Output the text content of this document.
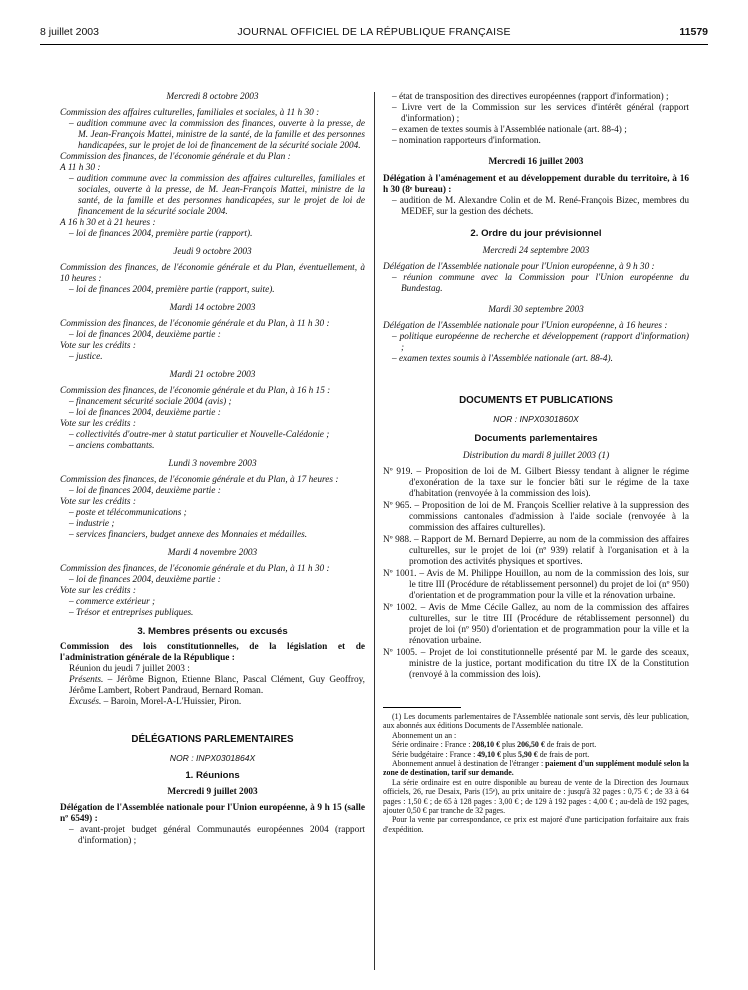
8 juillet 2003	JOURNAL OFFICIEL DE LA RÉPUBLIQUE FRANÇAISE	11579

Mercredi 8 octobre 2003

Commission des affaires culturelles, familiales et sociales, à 11 h 30 :

– audition commune avec la commission des finances, ouverte à la presse, de M. Jean-François Mattei, ministre de la santé, de la famille et des personnes handicapées, sur le projet de loi de financement de la sécurité sociale 2004.

Commission des finances, de l'économie générale et du Plan :

A 11 h 30 :

– audition commune avec la commission des affaires culturelles, familiales et sociales, ouverte à la presse, de M. Jean-François Mattei, ministre de la santé, de la famille et des personnes handicapées, sur le projet de loi de financement de la sécurité sociale 2004.

A 16 h 30 et à 21 heures :

– loi de finances 2004, première partie (rapport).

Jeudi 9 octobre 2003

Commission des finances, de l'économie générale et du Plan, éventuellement, à 10 heures :

– loi de finances 2004, première partie (rapport, suite).

Mardi 14 octobre 2003

Commission des finances, de l'économie générale et du Plan, à 11 h 30 :

– loi de finances 2004, deuxième partie :

Vote sur les crédits :

– justice.

Mardi 21 octobre 2003

Commission des finances, de l'économie générale et du Plan, à 16 h 15 :

– financement sécurité sociale 2004 (avis) ;

– loi de finances 2004, deuxième partie :

Vote sur les crédits :

– collectivités d'outre-mer à statut particulier et Nouvelle-Calédonie ;

– anciens combattants.

Lundi 3 novembre 2003

Commission des finances, de l'économie générale et du Plan, à 17 heures :

– loi de finances 2004, deuxième partie :

Vote sur les crédits :

– poste et télécommunications ;

– industrie ;

– services financiers, budget annexe des Monnaies et médailles.

Mardi 4 novembre 2003

Commission des finances, de l'économie générale et du Plan, à 11 h 30 :

– loi de finances 2004, deuxième partie :

Vote sur les crédits :

– commerce extérieur ;

– Trésor et entreprises publiques.

3. Membres présents ou excusés

Commission des lois constitutionnelles, de la législation et de l'administration générale de la République :

Réunion du jeudi 7 juillet 2003 :

Présents. – Jérôme Bignon, Etienne Blanc, Pascal Clément, Guy Geoffroy, Jérôme Lambert, Robert Pandraud, Bernard Roman.

Excusés. – Baroin, Morel-A-L'Huissier, Piron.

DÉLÉGATIONS PARLEMENTAIRES

NOR : INPX0301864X

1. Réunions

Mercredi 9 juillet 2003

Délégation de l'Assemblée nationale pour l'Union européenne, à 9 h 15 (salle nº 6549) :

– avant-projet budget général Communautés européennes 2004 (rapport d'information) ;

– état de transposition des directives européennes (rapport d'information) ;

– Livre vert de la Commission sur les services d'intérêt général (rapport d'information) ;

– examen de textes soumis à l'Assemblée nationale (art. 88-4) ;

– nomination rapporteurs d'information.

Mercredi 16 juillet 2003

Délégation à l'aménagement et au développement durable du territoire, à 16 h 30 (8ᵉ bureau) :

– audition de M. Alexandre Colin et de M. René-François Bizec, membres du MEDEF, sur la gestion des déchets.

2. Ordre du jour prévisionnel

Mercredi 24 septembre 2003

Délégation de l'Assemblée nationale pour l'Union européenne, à 9 h 30 :

– réunion commune avec la Commission pour l'Union européenne du Bundestag.

Mardi 30 septembre 2003

Délégation de l'Assemblée nationale pour l'Union européenne, à 16 heures :

– politique européenne de recherche et développement (rapport d'information) ;

– examen textes soumis à l'Assemblée nationale (art. 88-4).

DOCUMENTS ET PUBLICATIONS

NOR : INPX0301860X

Documents parlementaires

Distribution du mardi 8 juillet 2003 (1)

Nº 919. – Proposition de loi de M. Gilbert Biessy tendant à aligner le régime d'exonération de la taxe sur le foncier bâti sur le régime de la taxe d'habitation (renvoyée à la commission des lois).

Nº 965. – Proposition de loi de M. François Scellier relative à la suppression des commissions cantonales d'admission à l'aide sociale (renvoyée à la commission des affaires culturelles).

Nº 988. – Rapport de M. Bernard Depierre, au nom de la commission des affaires culturelles, sur le projet de loi (nº 939) relatif à l'organisation et à la promotion des activités physiques et sportives.

Nº 1001. – Avis de M. Philippe Houillon, au nom de la commission des lois, sur le titre III (Procédure de rétablissement personnel) du projet de loi (nº 950) d'orientation et de programmation pour la ville et la rénovation urbaine.

Nº 1002. – Avis de Mme Cécile Gallez, au nom de la commission des affaires culturelles, sur le titre III (Procédure de rétablissement personnel) du projet de loi (nº 950) d'orientation et de programmation pour la ville et la rénovation urbaine.

Nº 1005. – Projet de loi constitutionnelle présenté par M. le garde des sceaux, ministre de la justice, portant modification du titre IX de la Constitution (renvoyé à la commission des lois).

(1) Les documents parlementaires de l'Assemblée nationale sont servis, dès leur publication, aux abonnés aux éditions Documents de l'Assemblée nationale.

Abonnement un an :

Série ordinaire : France : 208,10 € plus 206,50 € de frais de port.

Série budgétaire : France : 49,10 € plus 5,90 € de frais de port.

Abonnement annuel à destination de l'étranger : paiement d'un supplément modulé selon la zone de destination, tarif sur demande.

La série ordinaire est en outre disponible au bureau de vente de la Direction des Journaux officiels, 26, rue Desaix, Paris (15ᵉ), au prix unitaire de : jusqu'à 32 pages : 0,75 € ; de 33 à 64 pages : 1,50 € ; de 65 à 128 pages : 3,00 € ; de 129 à 192 pages : 4,00 € ; au-delà de 192 pages, ajouter 0,50 € par tranche de 32 pages.

Pour la vente par correspondance, ce prix est majoré d'une participation forfaitaire aux frais d'expédition.
